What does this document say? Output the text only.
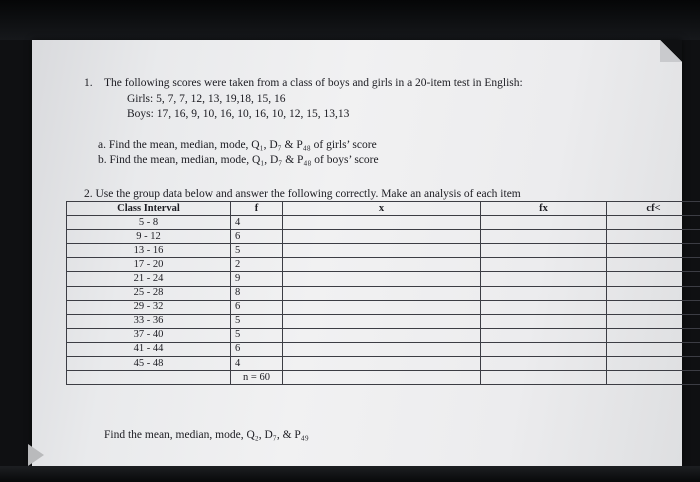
1. The following scores were taken from a class of boys and girls in a 20-item test in English:
Girls: 5, 7, 7, 12, 13, 19,18, 15, 16
Boys: 17, 16, 9, 10, 16, 10, 16, 10, 12, 15, 13,13
a. Find the mean, median, mode, Q₁, D₇ & P₄₈ of girls’ score
b. Find the mean, median, mode, Q₁, D₇ & P₄₈ of boys’ score
2. Use the group data below and answer the following correctly. Make an analysis of each item
Class Interval	f	x	fx	cf<
5 - 8	4			
9 - 12	6			
13 - 16	5			
17 - 20	2			
21 - 24	9			
25 - 28	8			
29 - 32	6			
33 - 36	5			
37 - 40	5			
41 - 44	6			
45 - 48	4			
	n = 60			
Find the mean, median, mode, Q₂, D₇, & P₄₉
